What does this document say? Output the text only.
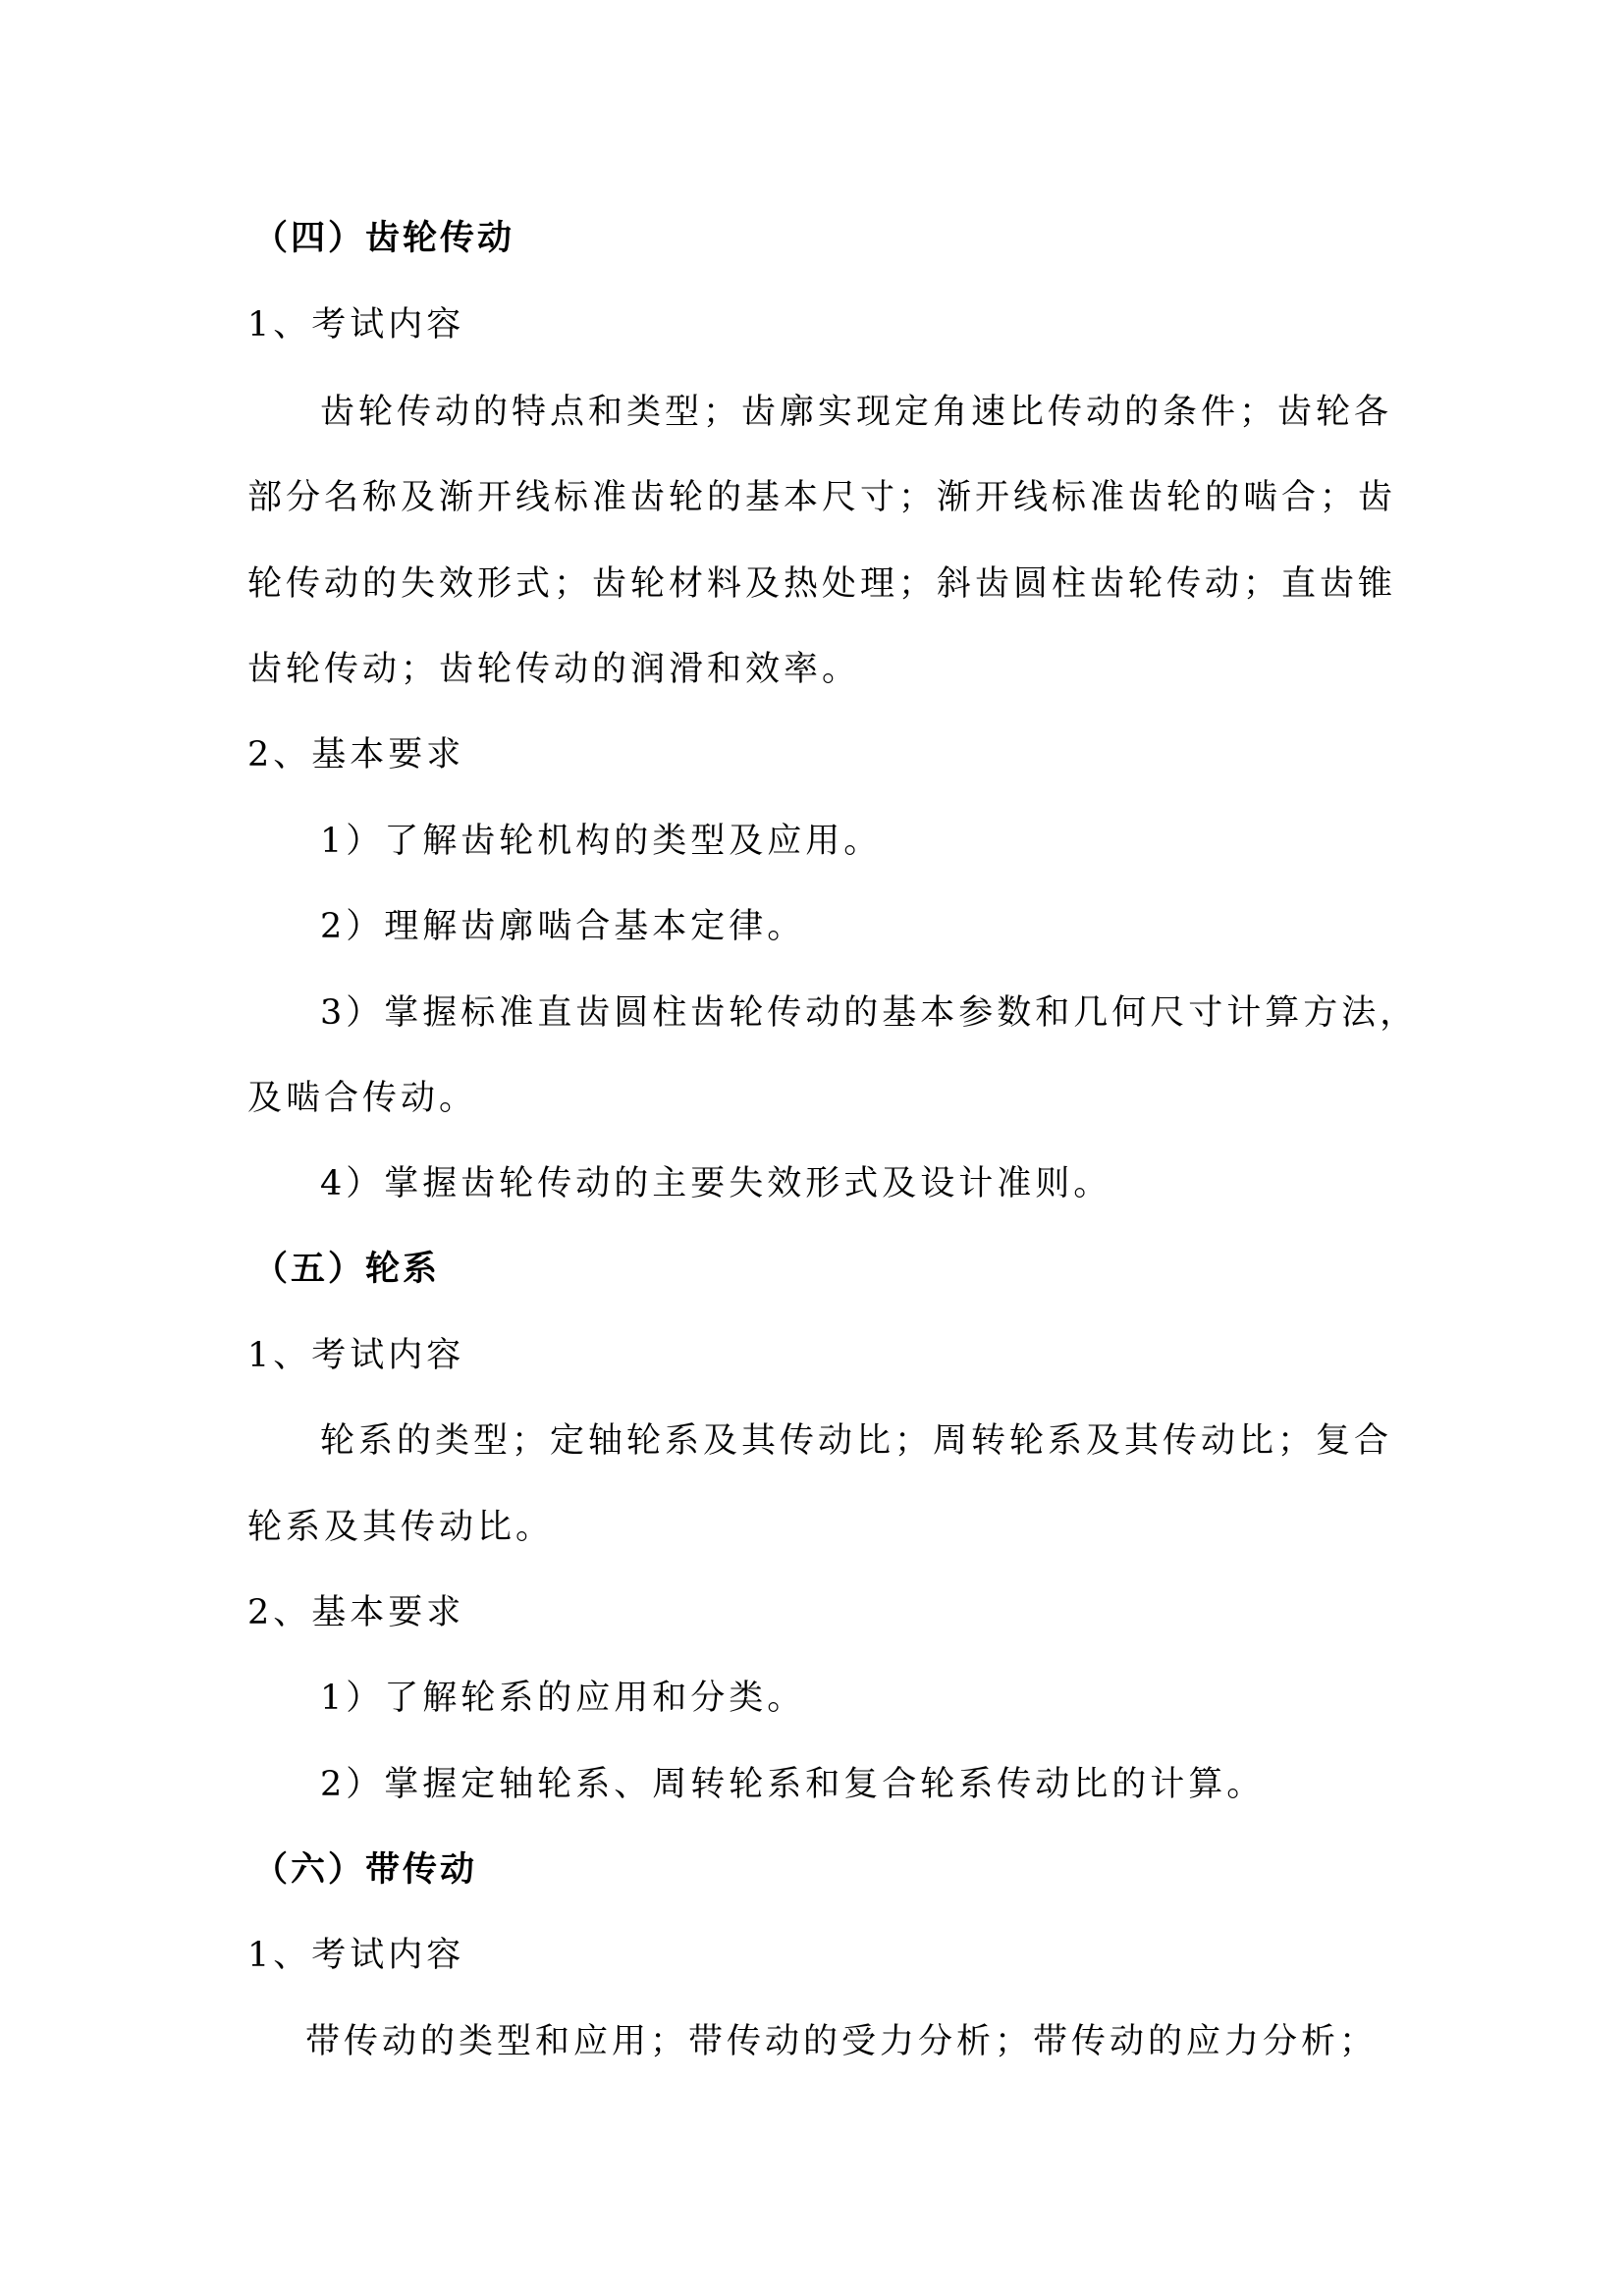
（四）齿轮传动

1、考试内容

齿轮传动的特点和类型；齿廓实现定角速比传动的条件；齿轮各

部分名称及渐开线标准齿轮的基本尺寸；渐开线标准齿轮的啮合；齿

轮传动的失效形式；齿轮材料及热处理；斜齿圆柱齿轮传动；直齿锥

齿轮传动；齿轮传动的润滑和效率。

2、基本要求

1）了解齿轮机构的类型及应用。

2）理解齿廓啮合基本定律。

3）掌握标准直齿圆柱齿轮传动的基本参数和几何尺寸计算方法，

及啮合传动。

4）掌握齿轮传动的主要失效形式及设计准则。

（五）轮系

1、考试内容

轮系的类型；定轴轮系及其传动比；周转轮系及其传动比；复合

轮系及其传动比。

2、基本要求

1）了解轮系的应用和分类。

2）掌握定轴轮系、周转轮系和复合轮系传动比的计算。

（六）带传动

1、考试内容

带传动的类型和应用；带传动的受力分析；带传动的应力分析；
